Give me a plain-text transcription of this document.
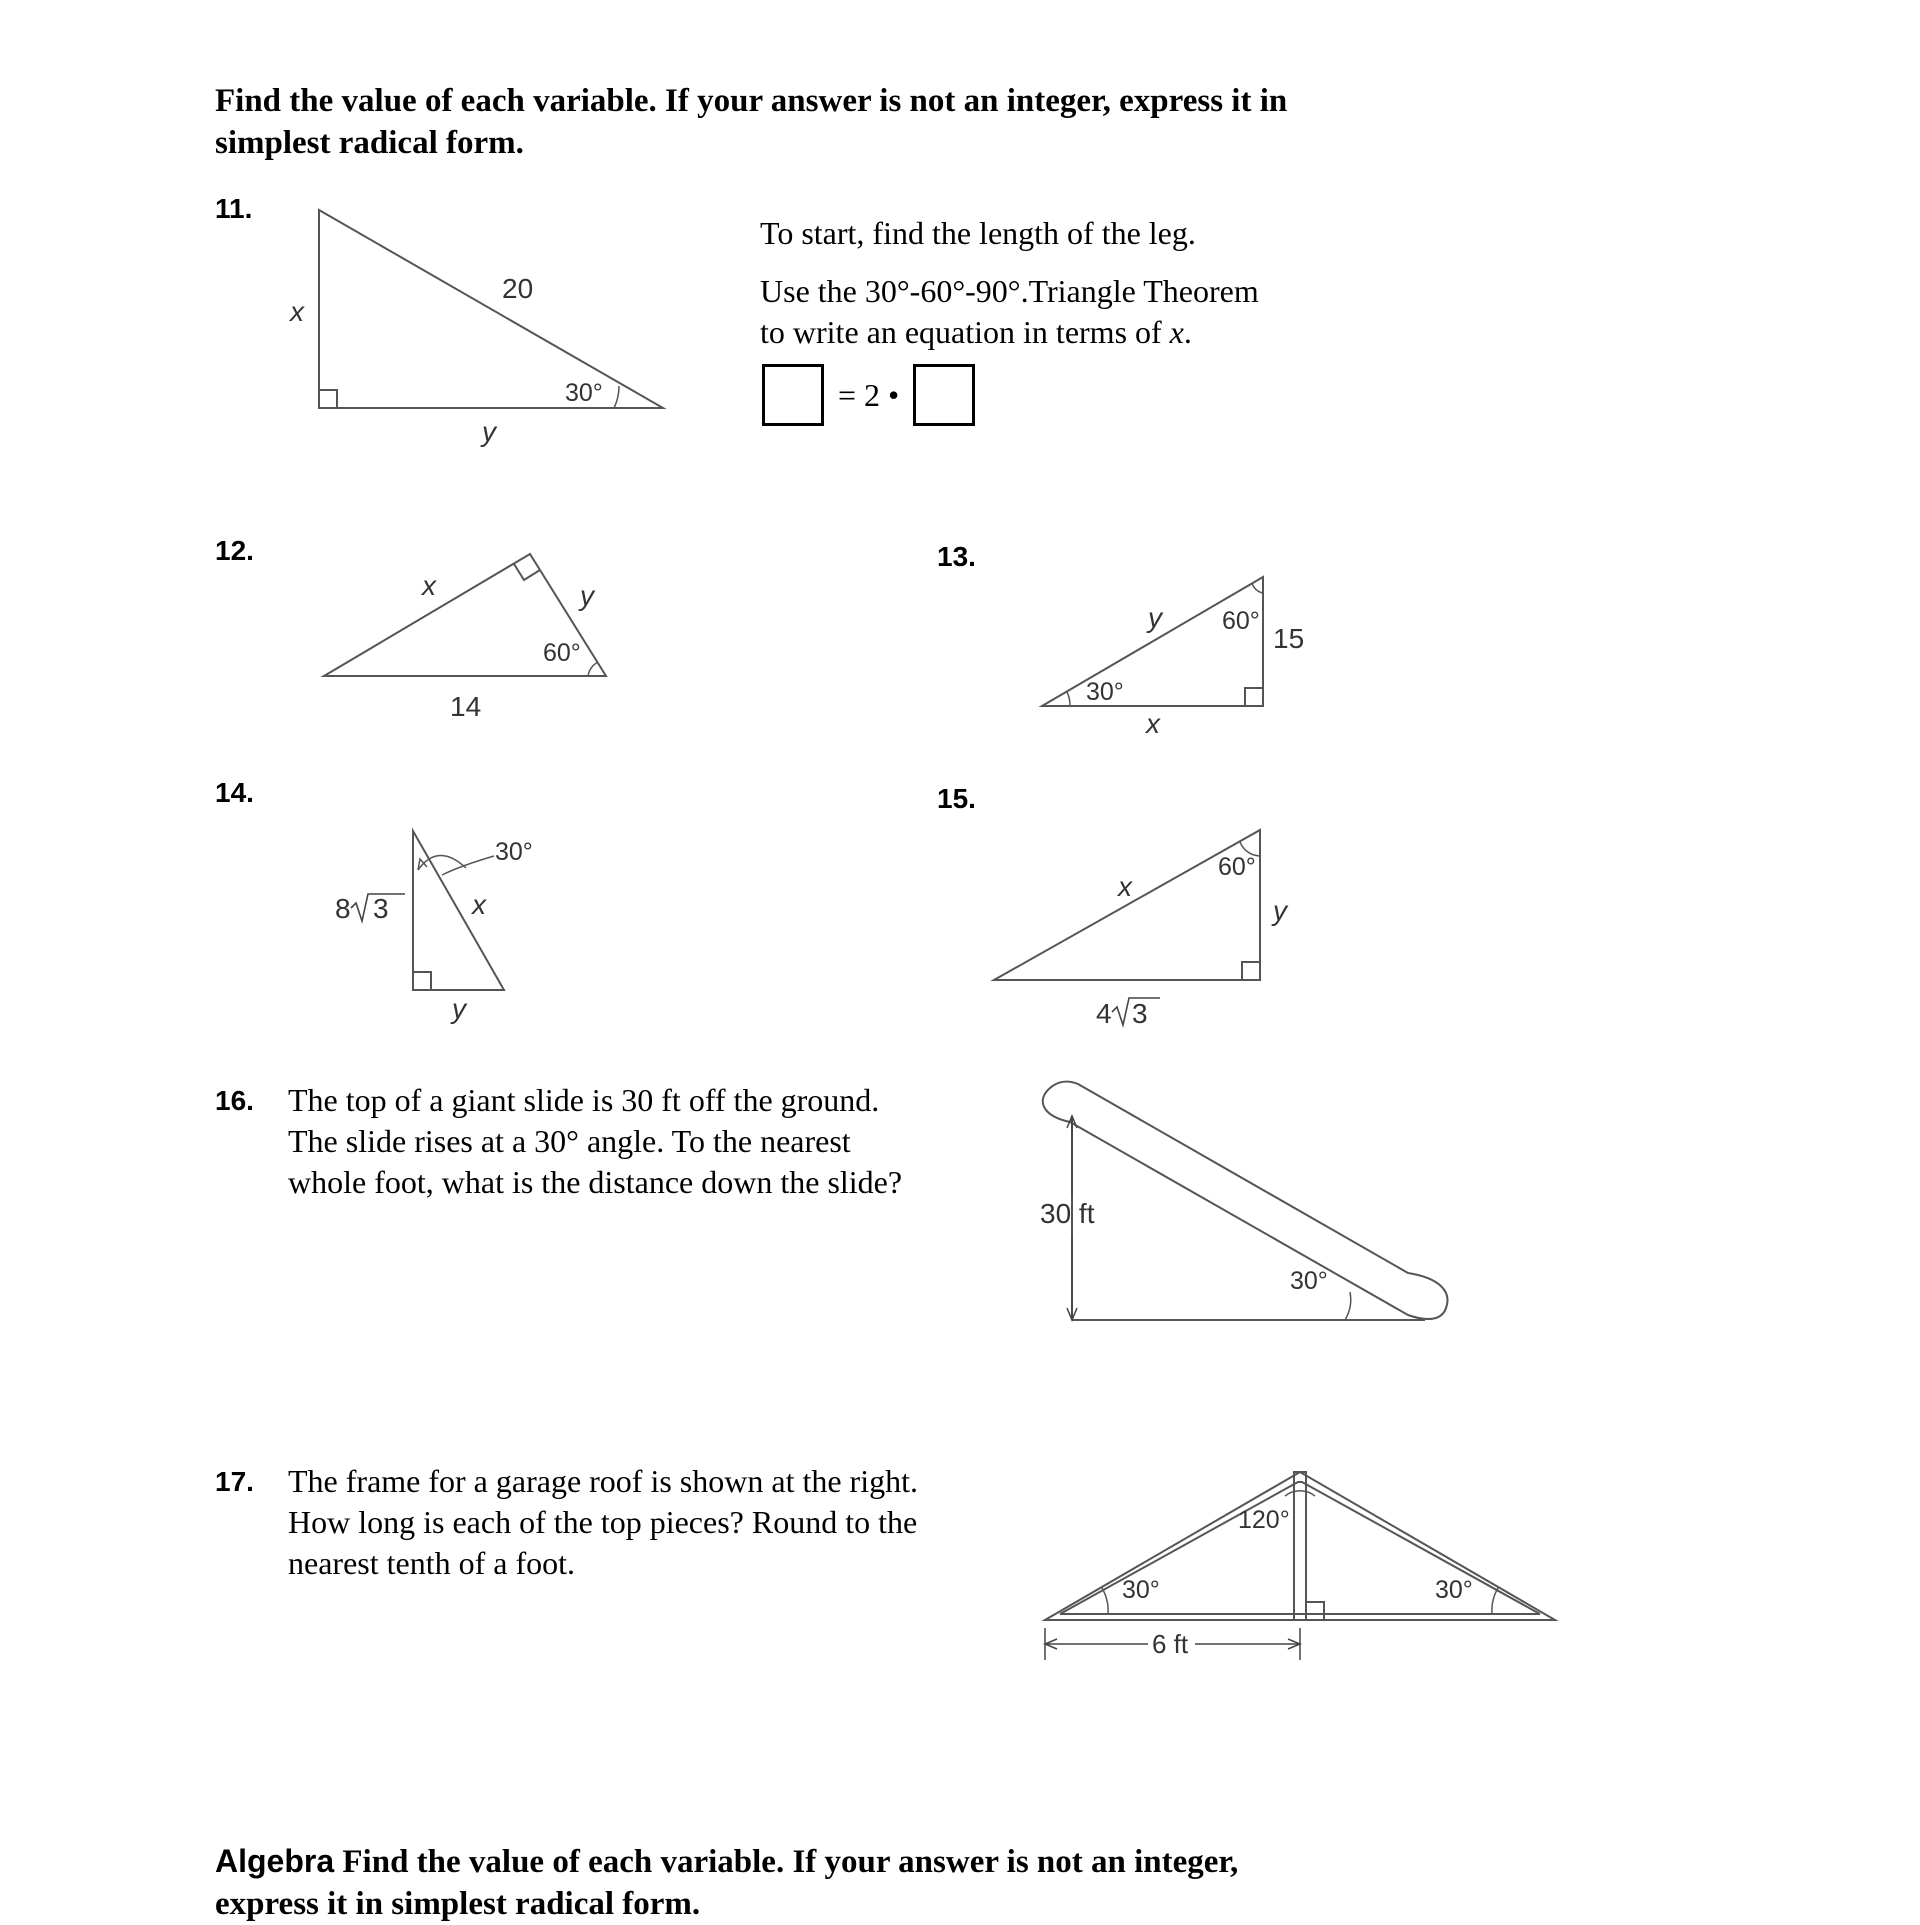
Find the value of each variable. If your answer is not an integer, express it in
simplest radical form.
11.
20
x
30°
y
To start, find the length of the leg.
Use the 30°-60°-90°.Triangle Theorem
to write an equation in terms of x.
= 2 •
12.
x	y
60°
14
13.
y 60°
15
30°
x
14.
30°
8 3	x
y
15.
x
60°
y
4 3
16. The top of a giant slide is 30 ft off the ground.
The slide rises at a 30° angle. To the nearest
whole foot, what is the distance down the slide?
30 ft
30°
17. The frame for a garage roof is shown at the right.
How long is each of the top pieces? Round to the
nearest tenth of a foot.
120°
30°	30°
6 ft
Algebra Find the value of each variable. If your answer is not an integer,
express it in simplest radical form.
